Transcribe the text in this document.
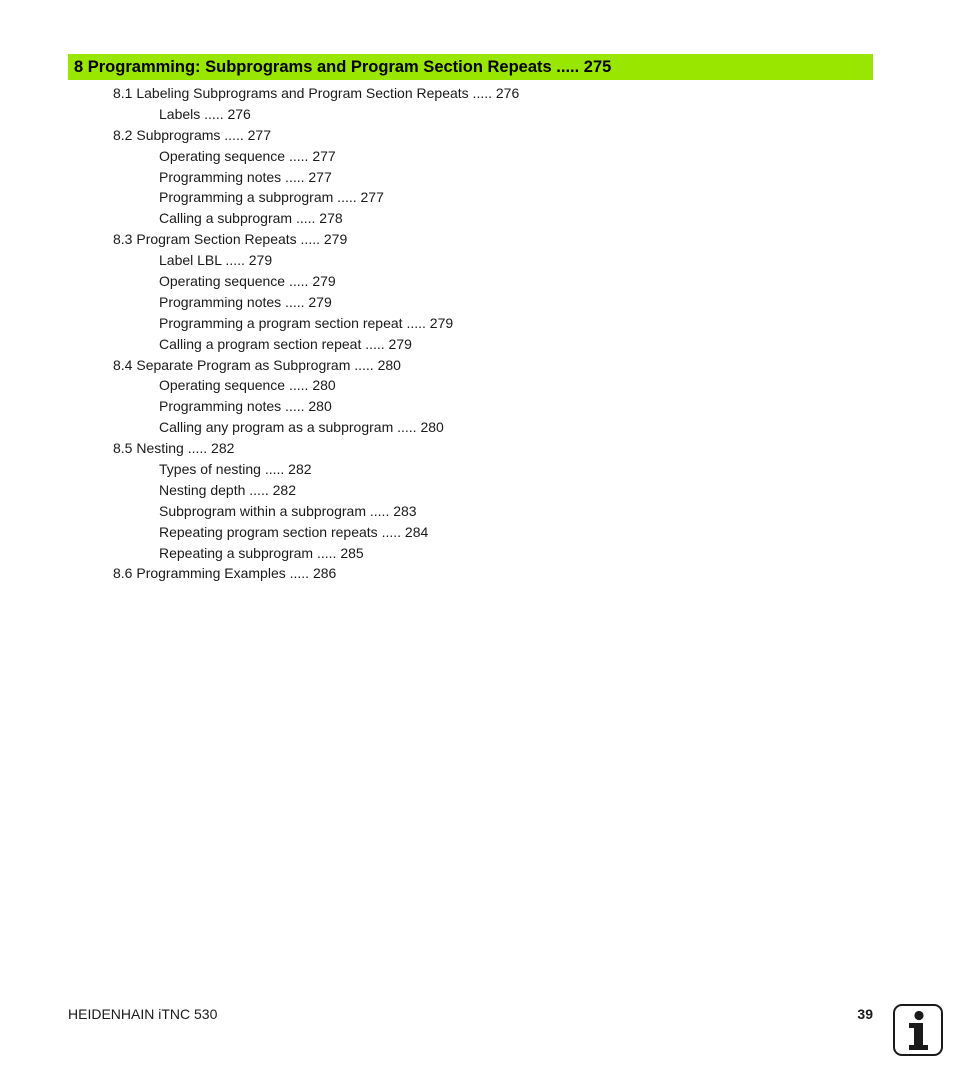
8 Programming: Subprograms and Program Section Repeats ..... 275
8.1 Labeling Subprograms and Program Section Repeats ..... 276
Labels ..... 276
8.2 Subprograms ..... 277
Operating sequence ..... 277
Programming notes ..... 277
Programming a subprogram ..... 277
Calling a subprogram ..... 278
8.3 Program Section Repeats ..... 279
Label LBL ..... 279
Operating sequence ..... 279
Programming notes ..... 279
Programming a program section repeat ..... 279
Calling a program section repeat ..... 279
8.4 Separate Program as Subprogram ..... 280
Operating sequence ..... 280
Programming notes ..... 280
Calling any program as a subprogram ..... 280
8.5 Nesting ..... 282
Types of nesting ..... 282
Nesting depth ..... 282
Subprogram within a subprogram ..... 283
Repeating program section repeats ..... 284
Repeating a subprogram ..... 285
8.6 Programming Examples ..... 286
HEIDENHAIN iTNC 530	39
